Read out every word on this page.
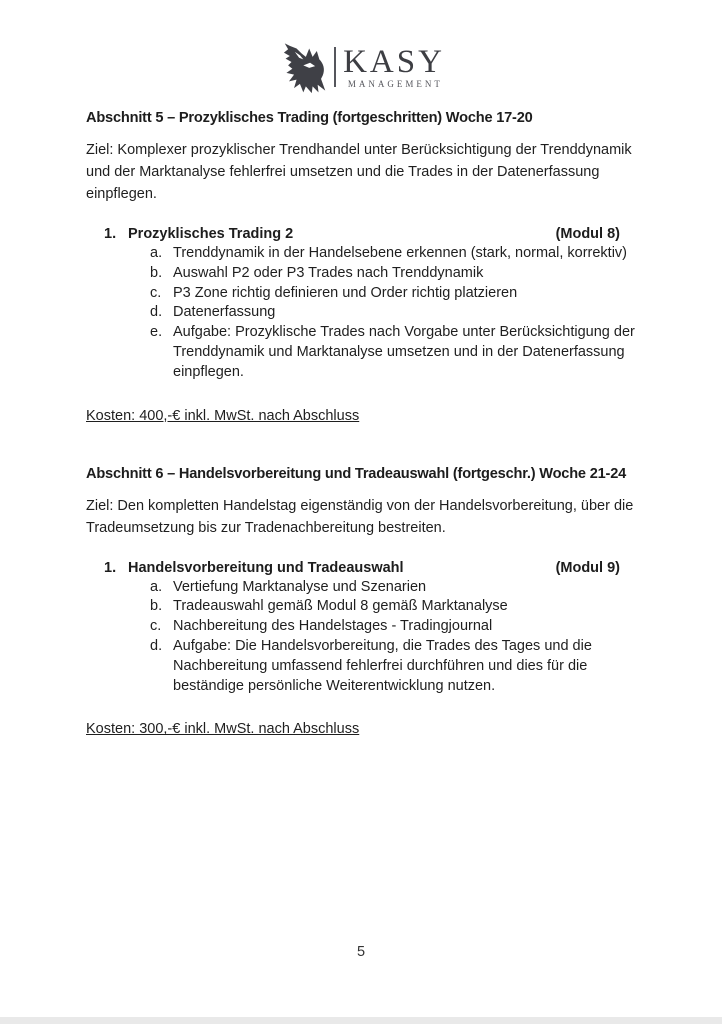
KASY
MANAGEMENT
Abschnitt 5 – Prozyklisches Trading (fortgeschritten) Woche 17-20

Ziel: Komplexer prozyklischer Trendhandel unter Berücksichtigung der Trenddynamik und der Marktanalyse fehlerfrei umsetzen und die Trades in der Datenerfassung einpflegen.

1. Prozyklisches Trading 2	(Modul 8)
a. Trenddynamik in der Handelsebene erkennen (stark, normal, korrektiv)
b. Auswahl P2 oder P3 Trades nach Trenddynamik
c. P3 Zone richtig definieren und Order richtig platzieren
d. Datenerfassung
e. Aufgabe: Prozyklische Trades nach Vorgabe unter Berücksichtigung der Trenddynamik und Marktanalyse umsetzen und in der Datenerfassung einpflegen.
Kosten: 400,-€ inkl. MwSt. nach Abschluss
Abschnitt 6 – Handelsvorbereitung und Tradeauswahl (fortgeschr.) Woche 21-24

Ziel: Den kompletten Handelstag eigenständig von der Handelsvorbereitung, über die Tradeumsetzung bis zur Tradenachbereitung bestreiten.

1. Handelsvorbereitung und Tradeauswahl	(Modul 9)
a. Vertiefung Marktanalyse und Szenarien
b. Tradeauswahl gemäß Modul 8 gemäß Marktanalyse
c. Nachbereitung des Handelstages - Tradingjournal
d. Aufgabe: Die Handelsvorbereitung, die Trades des Tages und die Nachbereitung umfassend fehlerfrei durchführen und dies für die beständige persönliche Weiterentwicklung nutzen.
Kosten: 300,-€ inkl. MwSt. nach Abschluss
5
